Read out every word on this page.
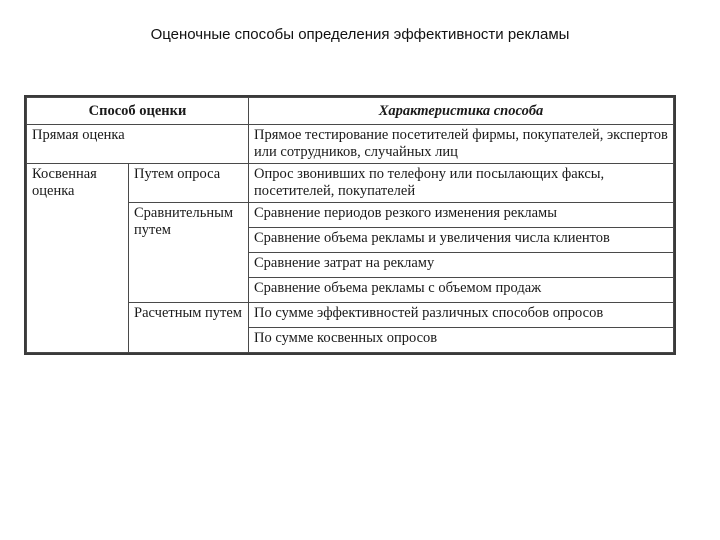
Оценочные способы определения эффективности рекламы
Способ оценки		Характеристика способа
Прямая оценка		Прямое тестирование посетителей фирмы, покупателей, экспертов или сотрудников, случайных лиц
Косвенная оценка	Путем опроса	Опрос звонивших по телефону или посылающих факсы, посетителей, покупателей
	Сравнительным путем	Сравнение периодов резкого изменения рекламы
		Сравнение объема рекламы и увеличения числа клиентов
		Сравнение затрат на рекламу
		Сравнение объема рекламы с объемом продаж
	Расчетным путем	По сумме эффективностей различных способов опросов
		По сумме косвенных опросов
